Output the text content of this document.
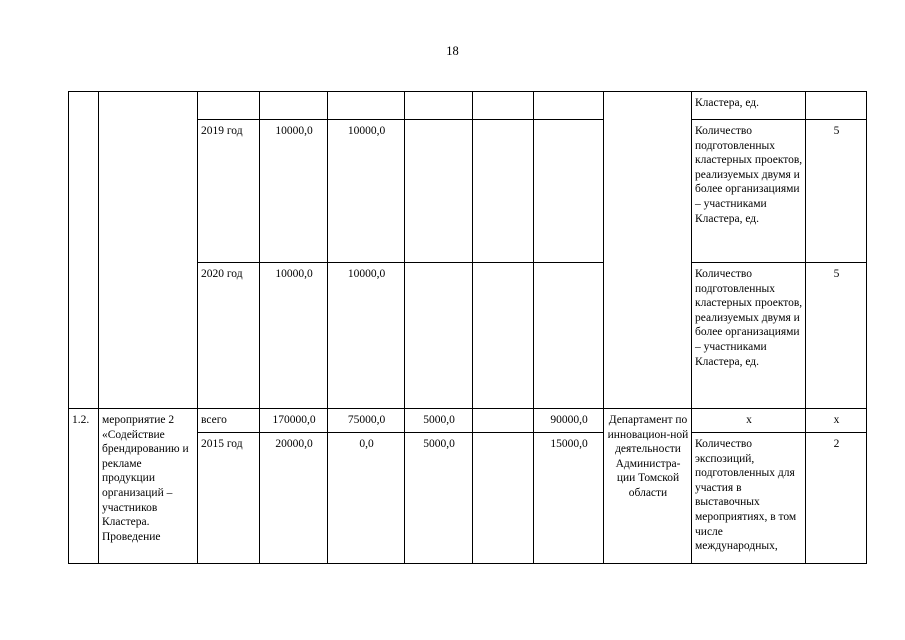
18
									Кластера, ед.	
		2019 год	10000,0	10000,0					Количество подготовленных кластерных проектов, реализуемых двумя и более организациями – участниками Кластера, ед.	5
		2020 год	10000,0	10000,0					Количество подготовленных кластерных проектов, реализуемых двумя и более организациями – участниками Кластера, ед.	5
1.2.	мероприятие 2 «Содействие брендированию и рекламе продукции организаций – участников Кластера. Проведение	всего	170000,0	75000,0	5000,0		90000,0	Департамент по инновацион-ной деятельности Администра-ции Томской области	х	х
		2015 год	20000,0	0,0	5000,0		15000,0		Количество экспозиций, подготовленных для участия в выставочных мероприятиях, в том числе международных,	2
